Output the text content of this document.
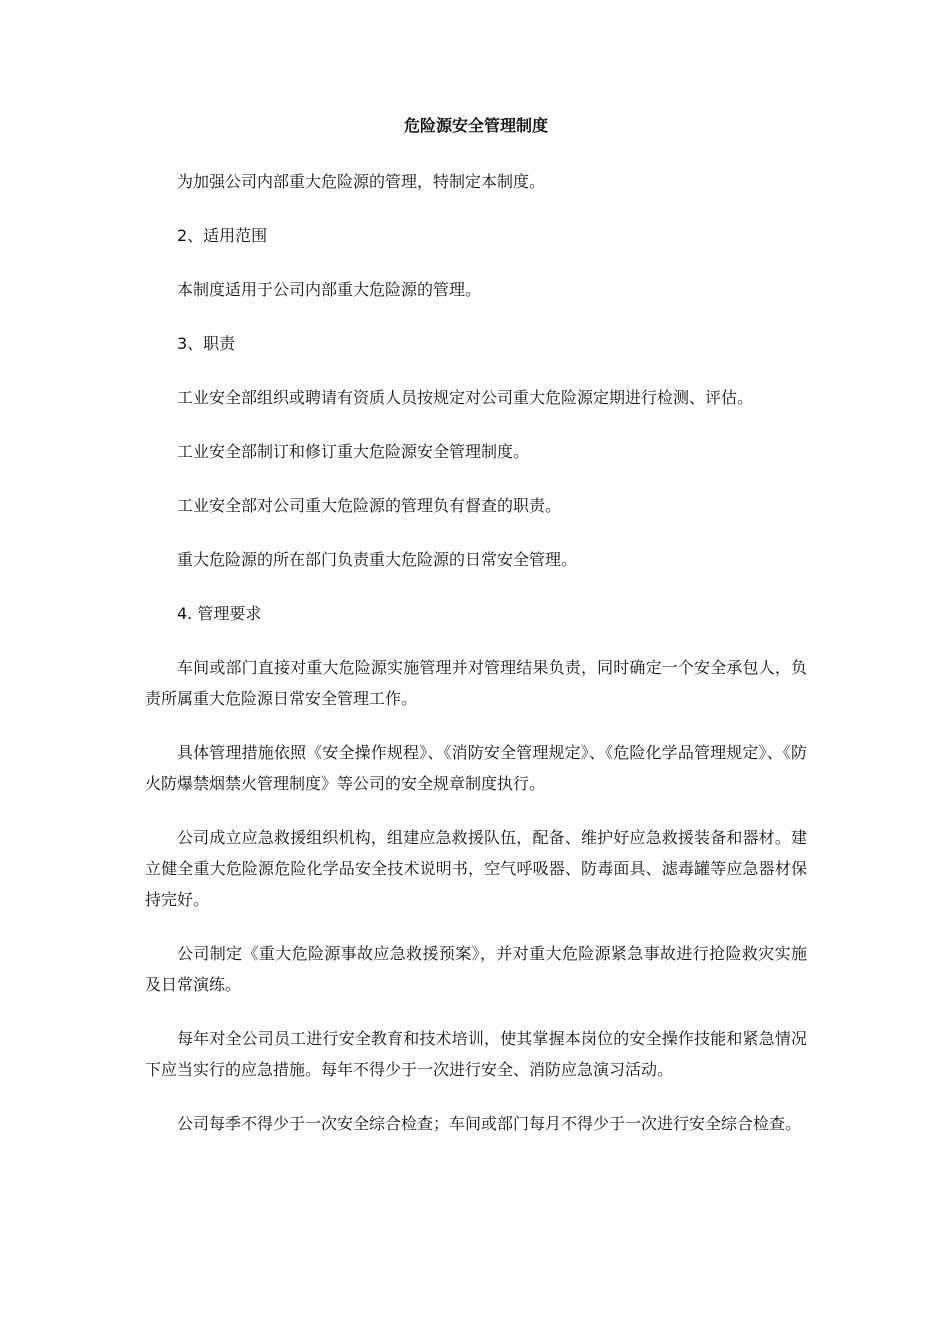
危险源安全管理制度

为加强公司内部重大危险源的管理，特制定本制度。

2、适用范围

本制度适用于公司内部重大危险源的管理。

3、职责

工业安全部组织或聘请有资质人员按规定对公司重大危险源定期进行检测、评估。

工业安全部制订和修订重大危险源安全管理制度。

工业安全部对公司重大危险源的管理负有督查的职责。

重大危险源的所在部门负责重大危险源的日常安全管理。

4. 管理要求

车间或部门直接对重大危险源实施管理并对管理结果负责，同时确定一个安全承包人，负责所属重大危险源日常安全管理工作。

具体管理措施依照《安全操作规程》、《消防安全管理规定》、《危险化学品管理规定》、《防火防爆禁烟禁火管理制度》等公司的安全规章制度执行。

公司成立应急救援组织机构，组建应急救援队伍，配备、维护好应急救援装备和器材。建立健全重大危险源危险化学品安全技术说明书，空气呼吸器、防毒面具、滤毒罐等应急器材保持完好。

公司制定《重大危险源事故应急救援预案》，并对重大危险源紧急事故进行抢险救灾实施及日常演练。

每年对全公司员工进行安全教育和技术培训，使其掌握本岗位的安全操作技能和紧急情况下应当实行的应急措施。每年不得少于一次进行安全、消防应急演习活动。

公司每季不得少于一次安全综合检查；车间或部门每月不得少于一次进行安全综合检查。
